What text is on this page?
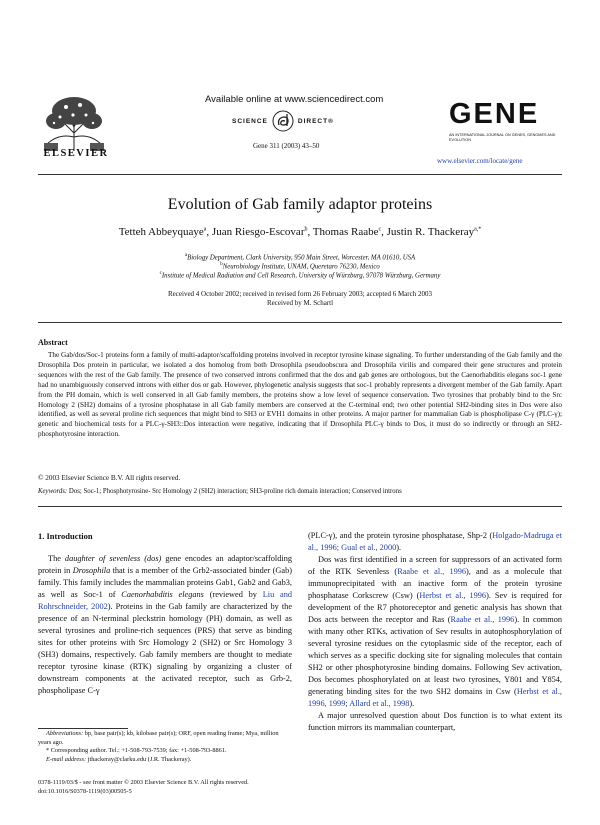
ELSEVIER
Available online at www.sciencedirect.com
SCIENCE	DIRECT®
Gene 311 (2003) 43–50
GENE
AN INTERNATIONAL JOURNAL ON GENES, GENOMES AND EVOLUTION
www.elsevier.com/locate/gene
Evolution of Gab family adaptor proteins
Tetteh Abbeyquaye$^a$, Juan Riesgo-Escovar$^b$, Thomas Raabe$^c$, Justin R. Thackeray$^{a,*}$
$^a$Biology Department, Clark University, 950 Main Street, Worcester, MA 01610, USA
$^b$Neurobiology Institute, UNAM, Queretaro 76230, Mexico
$^c$Institute of Medical Radiation and Cell Research, University of Würzburg, 97078 Würzburg, Germany
Received 4 October 2002; received in revised form 26 February 2003; accepted 6 March 2003
Received by M. Schartl
Abstract
The Gab/dos/Soc-1 proteins form a family of multi-adaptor/scaffolding proteins involved in receptor tyrosine kinase signaling. To further understanding of the Gab family and the Drosophila Dos protein in particular, we isolated a dos homolog from both Drosophila pseudoobscura and Drosophila virilis and compared their gene structures and protein sequences with the rest of the Gab family. The presence of two conserved introns confirmed that the dos and gab genes are orthologous, but the Caenorhabditis elegans soc-1 gene had no unambiguously conserved introns with either dos or gab. However, phylogenetic analysis suggests that soc-1 probably represents a divergent member of the Gab family. Apart from the PH domain, which is well conserved in all Gab family members, the proteins show a low level of sequence conservation. Two tyrosines that probably bind to the Src Homology 2 (SH2) domains of a tyrosine phosphatase in all Gab family members are conserved at the C-terminal end; two other potential SH2-binding sites in Dos were also identified, as well as several proline rich sequences that might bind to SH3 or EVH1 domains in other proteins. A major partner for mammalian Gab is phospholipase C-γ (PLC-γ); genetic and biochemical tests for a PLC-γ-SH3::Dos interaction were negative, indicating that if Drosophila PLC-γ binds to Dos, it must do so indirectly or through an SH2-phosphotyrosine interaction.
© 2003 Elsevier Science B.V. All rights reserved.
Keywords: Dos; Soc-1; Phosphotyrosine- Src Homology 2 (SH2) interaction; SH3-proline rich domain interaction; Conserved introns
1. Introduction

The daughter of sevenless (dos) gene encodes an adaptor/scaffolding protein in Drosophila that is a member of the Grb2-associated binder (Gab) family. This family includes the mammalian proteins Gab1, Gab2 and Gab3, as well as Soc-1 of Caenorhabditis elegans (reviewed by Liu and Rohrschneider, 2002). Proteins in the Gab family are characterized by the presence of an N-terminal pleckstrin homology (PH) domain, as well as several tyrosines and proline-rich sequences (PRS) that serve as binding sites for other proteins with Src Homology 2 (SH2) or Src Homology 3 (SH3) domains, respectively. Gab family members are thought to mediate receptor tyrosine kinase (RTK) signaling by organizing a cluster of downstream components at the activated receptor, such as Grb-2, phospholipase C-γ

(PLC-γ), and the protein tyrosine phosphatase, Shp-2 (Holgado-Madruga et al., 1996; Gual et al., 2000).

Dos was first identified in a screen for suppressors of an activated form of the RTK Sevenless (Raabe et al., 1996), and as a molecule that immunoprecipitated with an inactive form of the protein tyrosine phosphatase Corkscrew (Csw) (Herbst et al., 1996). Sev is required for development of the R7 photoreceptor and genetic analysis has shown that Dos acts between the receptor and Ras (Raabe et al., 1996). In common with many other RTKs, activation of Sev results in autophosphorylation of several tyrosine residues on the cytoplasmic side of the receptor, each of which serves as a specific docking site for signaling molecules that contain SH2 or other phosphotyrosine binding domains. Following Sev activation, Dos becomes phosphorylated on at least two tyrosines, Y801 and Y854, generating binding sites for the two SH2 domains in Csw (Herbst et al., 1996, 1999; Allard et al., 1998).

A major unresolved question about Dos function is to what extent its function mirrors its mammalian counterpart,

Abbreviations: bp, base pair(s); kb, kilobase pair(s); ORF, open reading frame; Mya, million years ago.

* Corresponding author. Tel.: +1-508-793-7539; fax: +1-508-793-8861.

E-mail address: jthackeray@clarku.edu (J.R. Thackeray).

0378-1119/03/$ - see front matter © 2003 Elsevier Science B.V. All rights reserved.
doi:10.1016/S0378-1119(03)00505-5
